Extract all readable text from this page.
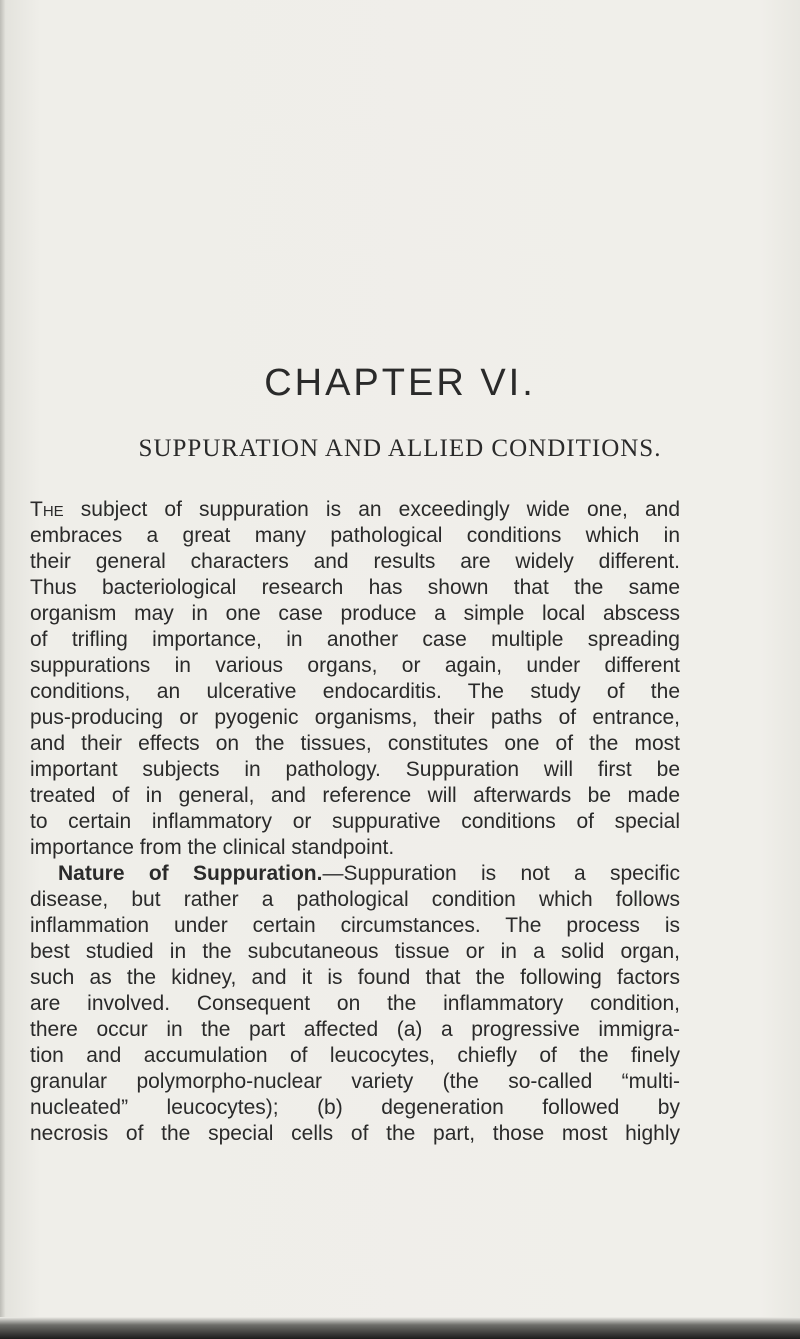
CHAPTER VI.
SUPPURATION AND ALLIED CONDITIONS.
The subject of suppuration is an exceedingly wide one, and
embraces a great many pathological conditions which in
their general characters and results are widely different.
Thus bacteriological research has shown that the same
organism may in one case produce a simple local abscess
of trifling importance, in another case multiple spreading
suppurations in various organs, or again, under different
conditions, an ulcerative endocarditis. The study of the
pus-producing or pyogenic organisms, their paths of entrance,
and their effects on the tissues, constitutes one of the most
important subjects in pathology. Suppuration will first be
treated of in general, and reference will afterwards be made
to certain inflammatory or suppurative conditions of special
importance from the clinical standpoint.
Nature of Suppuration.—Suppuration is not a specific
disease, but rather a pathological condition which follows
inflammation under certain circumstances. The process is
best studied in the subcutaneous tissue or in a solid organ,
such as the kidney, and it is found that the following factors
are involved. Consequent on the inflammatory condition,
there occur in the part affected (a) a progressive immigra-
tion and accumulation of leucocytes, chiefly of the finely
granular polymorpho-nuclear variety (the so-called “multi-
nucleated” leucocytes); (b) degeneration followed by
necrosis of the special cells of the part, those most highly
